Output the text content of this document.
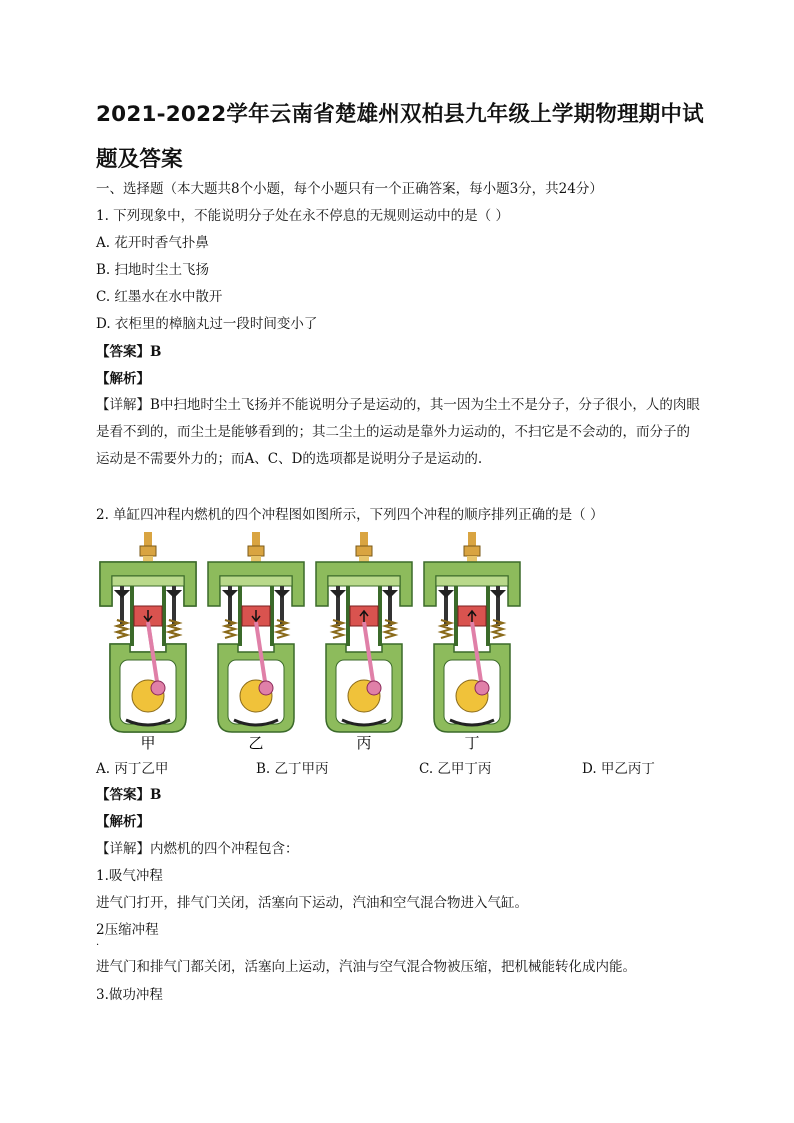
2021-2022学年云南省楚雄州双柏县九年级上学期物理期中试题及答案
一、选择题（本大题共8个小题，每个小题只有一个正确答案，每小题3分，共24分）
1. 下列现象中，不能说明分子处在永不停息的无规则运动中的是（ ）
A. 花开时香气扑鼻
B. 扫地时尘土飞扬
C. 红墨水在水中散开
D. 衣柜里的樟脑丸过一段时间变小了
【答案】B
【解析】
【详解】B中扫地时尘土飞扬并不能说明分子是运动的，其一因为尘土不是分子，分子很小，人的肉眼是看不到的，而尘土是能够看到的；其二尘土的运动是靠外力运动的，不扫它是不会动的，而分子的运动是不需要外力的；而A、C、D的选项都是说明分子是运动的.
2. 单缸四冲程内燃机的四个冲程图如图所示，下列四个冲程的顺序排列正确的是（ ）
甲	乙	丙	丁
A. 丙丁乙甲	B. 乙丁甲丙	C. 乙甲丁丙	D. 甲乙丙丁
【答案】B
【解析】
【详解】内燃机的四个冲程包含：
1.吸气冲程
进气门打开，排气门关闭，活塞向下运动，汽油和空气混合物进入气缸。
2压缩冲程
·
进气门和排气门都关闭，活塞向上运动，汽油与空气混合物被压缩，把机械能转化成内能。
3.做功冲程
